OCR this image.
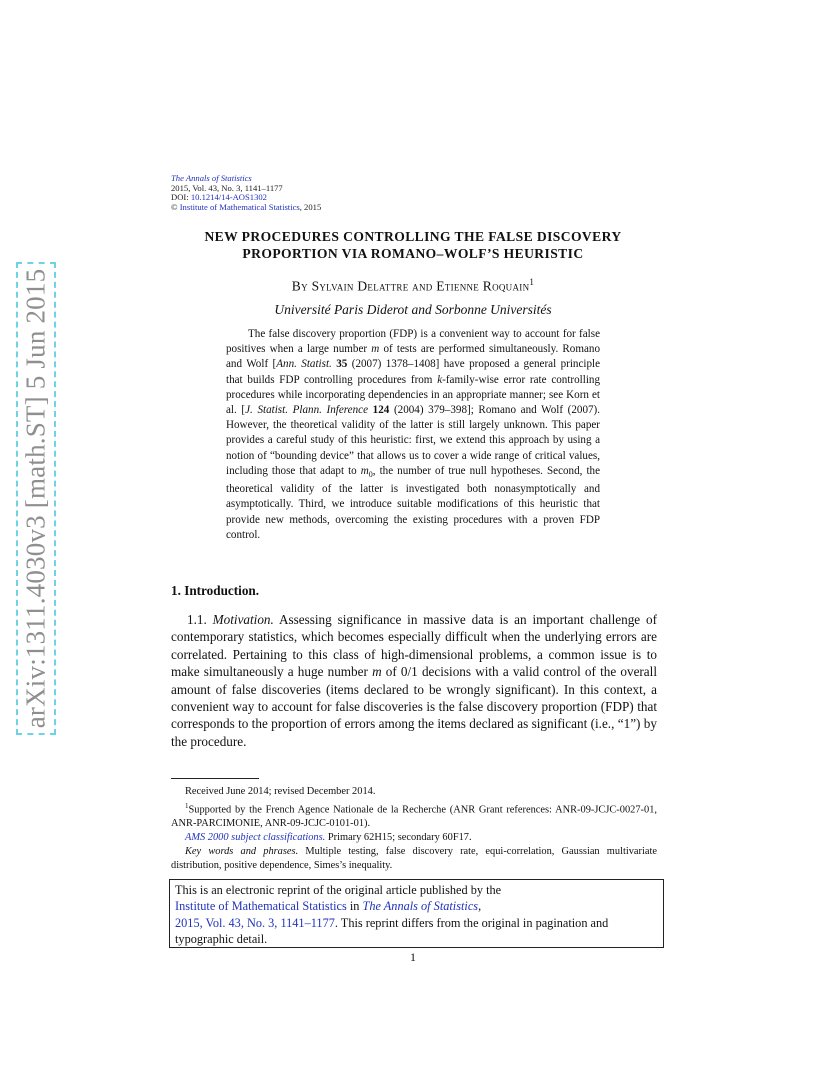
arXiv:1311.4030v3 [math.ST] 5 Jun 2015
The Annals of Statistics
2015, Vol. 43, No. 3, 1141–1177
DOI: 10.1214/14-AOS1302
© Institute of Mathematical Statistics, 2015
NEW PROCEDURES CONTROLLING THE FALSE DISCOVERY
PROPORTION VIA ROMANO–WOLF’S HEURISTIC
By Sylvain Delattre and Etienne Roquain$^1$
Université Paris Diderot and Sorbonne Universités

The false discovery proportion (FDP) is a convenient way to account for false positives when a large number m of tests are performed simultaneously. Romano and Wolf [Ann. Statist. 35 (2007) 1378–1408] have proposed a general principle that builds FDP controlling procedures from k-family-wise error rate controlling procedures while incorporating dependencies in an appropriate manner; see Korn et al. [J. Statist. Plann. Inference 124 (2004) 379–398]; Romano and Wolf (2007). However, the theoretical validity of the latter is still largely unknown. This paper provides a careful study of this heuristic: first, we extend this approach by using a notion of “bounding device” that allows us to cover a wide range of critical values, including those that adapt to $m_0$, the number of true null hypotheses. Second, the theoretical validity of the latter is investigated both nonasymptotically and asymptotically. Third, we introduce suitable modifications of this heuristic that provide new methods, overcoming the existing procedures with a proven FDP control.

1. Introduction.

1.1. Motivation. Assessing significance in massive data is an important challenge of contemporary statistics, which becomes especially difficult when the underlying errors are correlated. Pertaining to this class of high-dimensional problems, a common issue is to make simultaneously a huge number m of 0/1 decisions with a valid control of the overall amount of false discoveries (items declared to be wrongly significant). In this context, a convenient way to account for false discoveries is the false discovery proportion (FDP) that corresponds to the proportion of errors among the items declared as significant (i.e., “1”) by the procedure.

Received June 2014; revised December 2014.

$^1$Supported by the French Agence Nationale de la Recherche (ANR Grant references: ANR-09-JCJC-0027-01, ANR-PARCIMONIE, ANR-09-JCJC-0101-01).

AMS 2000 subject classifications. Primary 62H15; secondary 60F17.

Key words and phrases. Multiple testing, false discovery rate, equi-correlation, Gaussian multivariate distribution, positive dependence, Simes’s inequality.

This is an electronic reprint of the original article published by the
Institute of Mathematical Statistics in The Annals of Statistics,
2015, Vol. 43, No. 3, 1141–1177. This reprint differs from the original in pagination and typographic detail.
1
